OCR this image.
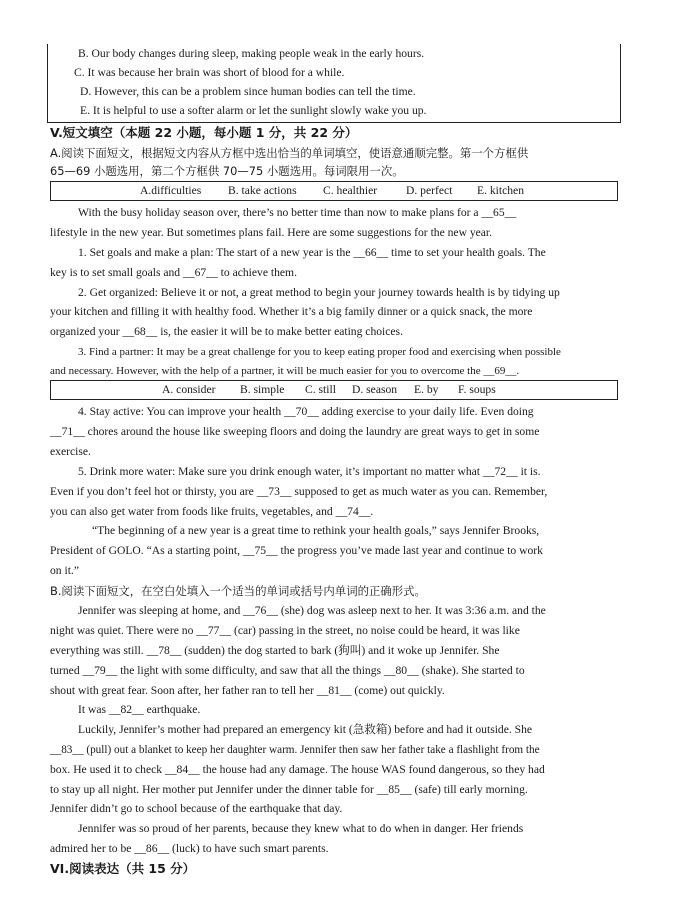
B. Our body changes during sleep, making people weak in the early hours.
C. It was because her brain was short of blood for a while.
D. However, this can be a problem since human bodies can tell the time.
E. It is helpful to use a softer alarm or let the sunlight slowly wake you up.
V.短文填空（本题 22 小题，每小题 1 分，共 22 分）
A.阅读下面短文，根据短文内容从方框中选出恰当的单词填空，使语意通顺完整。第一个方框供
65—69 小题选用，第二个方框供 70—75 小题选用。每词限用一次。
A.difficulties B. take actions C. healthier D. perfect E. kitchen
With the busy holiday season over, there’s no better time than now to make plans for a __65__
lifestyle in the new year. But sometimes plans fail. Here are some suggestions for the new year.
1. Set goals and make a plan: The start of a new year is the __66__ time to set your health goals. The
key is to set small goals and __67__ to achieve them.
2. Get organized: Believe it or not, a great method to begin your journey towards health is by tidying up
your kitchen and filling it with healthy food. Whether it’s a big family dinner or a quick snack, the more
organized your __68__ is, the easier it will be to make better eating choices.
3. Find a partner: It may be a great challenge for you to keep eating proper food and exercising when possible
and necessary. However, with the help of a partner, it will be much easier for you to overcome the __69__.
A. consider B. simple C. still D. season E. by F. soups
4. Stay active: You can improve your health __70__ adding exercise to your daily life. Even doing
__71__ chores around the house like sweeping floors and doing the laundry are great ways to get in some
exercise.
5. Drink more water: Make sure you drink enough water, it’s important no matter what __72__ it is.
Even if you don’t feel hot or thirsty, you are __73__ supposed to get as much water as you can. Remember,
you can also get water from foods like fruits, vegetables, and __74__.
“The beginning of a new year is a great time to rethink your health goals,” says Jennifer Brooks,
President of GOLO. “As a starting point, __75__ the progress you’ve made last year and continue to work
on it.”
B.阅读下面短文，在空白处填入一个适当的单词或括号内单词的正确形式。
Jennifer was sleeping at home, and __76__ (she) dog was asleep next to her. It was 3:36 a.m. and the
night was quiet. There were no __77__ (car) passing in the street, no noise could be heard, it was like
everything was still. __78__ (sudden) the dog started to bark (狗叫) and it woke up Jennifer. She
turned __79__ the light with some difficulty, and saw that all the things __80__ (shake). She started to
shout with great fear. Soon after, her father ran to tell her __81__ (come) out quickly.
It was __82__ earthquake.
Luckily, Jennifer’s mother had prepared an emergency kit (急救箱) before and had it outside. She
__83__ (pull) out a blanket to keep her daughter warm. Jennifer then saw her father take a flashlight from the
box. He used it to check __84__ the house had any damage. The house WAS found dangerous, so they had
to stay up all night. Her mother put Jennifer under the dinner table for __85__ (safe) till early morning.
Jennifer didn’t go to school because of the earthquake that day.
Jennifer was so proud of her parents, because they knew what to do when in danger. Her friends
admired her to be __86__ (luck) to have such smart parents.
VI.阅读表达（共 15 分）
